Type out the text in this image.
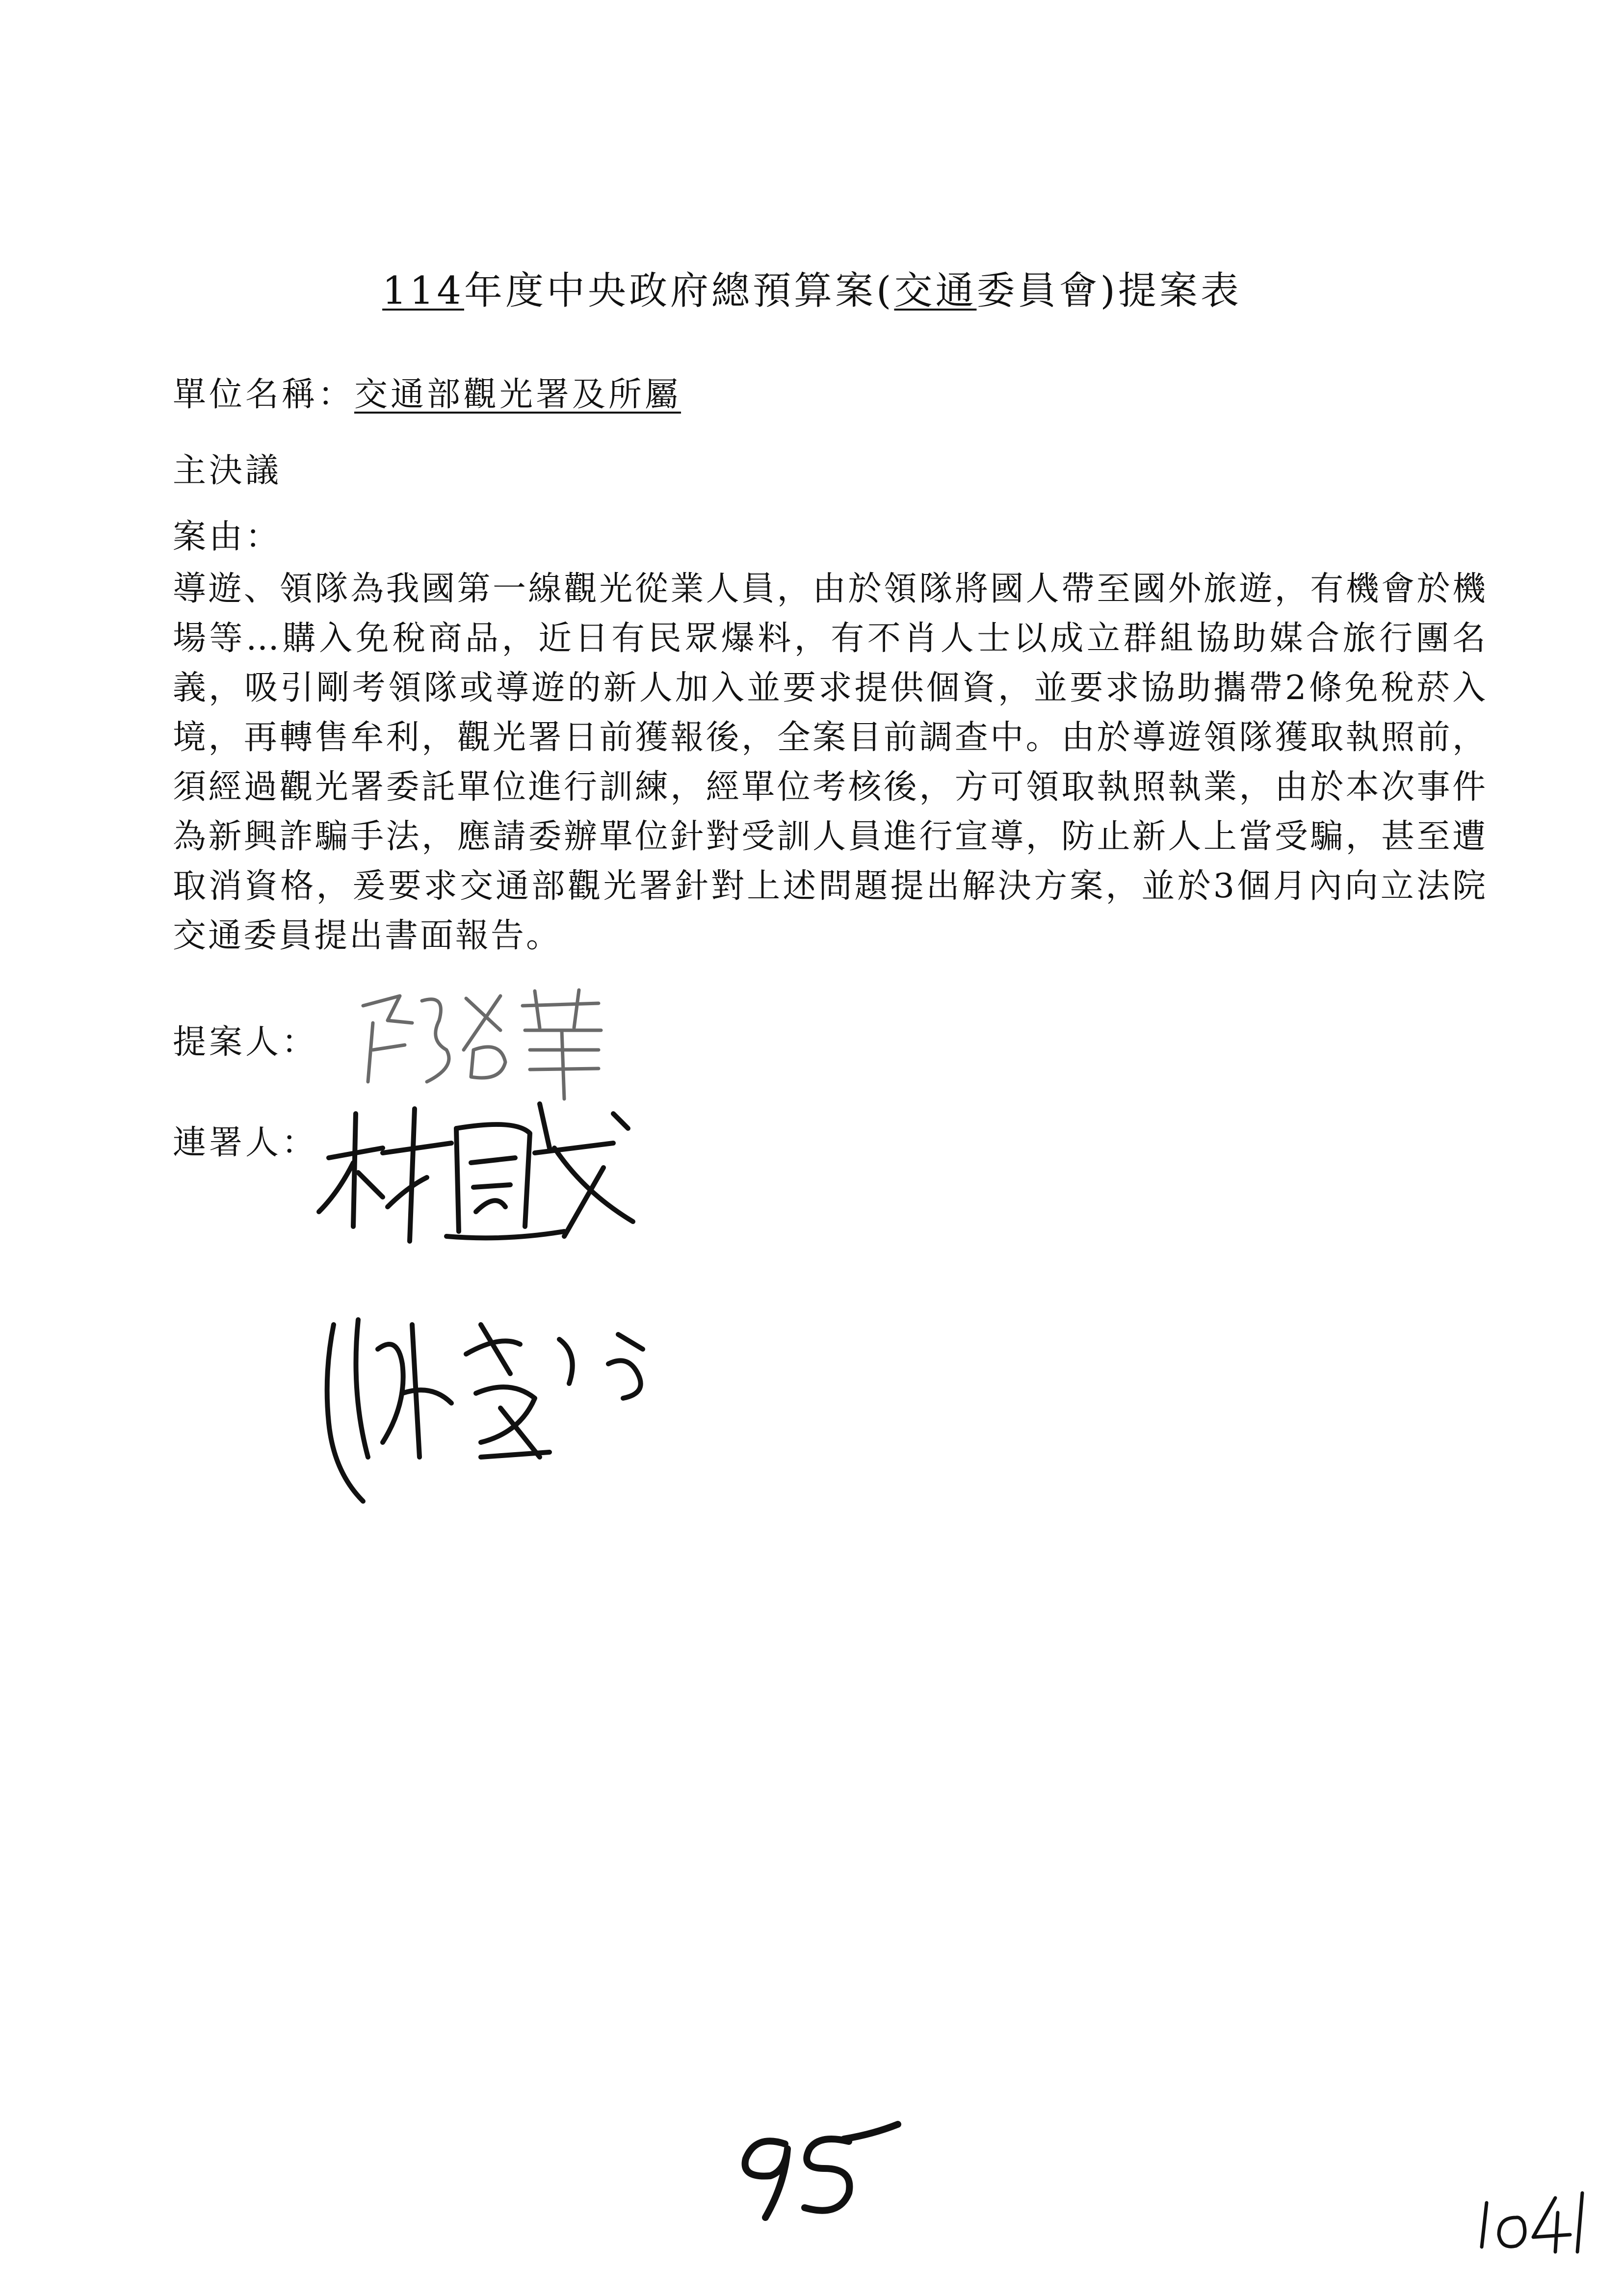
114年度中央政府總預算案(交通委員會)提案表
單位名稱：交通部觀光署及所屬
主決議
案由：

導遊、領隊為我國第一線觀光從業人員，由於領隊將國人帶至國外旅遊，有機會於機場等…購入免稅商品，近日有民眾爆料，有不肖人士以成立群組協助媒合旅行團名義，吸引剛考領隊或導遊的新人加入並要求提供個資，並要求協助攜帶2條免稅菸入境，再轉售牟利，觀光署日前獲報後，全案目前調查中。由於導遊領隊獲取執照前，須經過觀光署委託單位進行訓練，經單位考核後，方可領取執照執業，由於本次事件為新興詐騙手法，應請委辦單位針對受訓人員進行宣導，防止新人上當受騙，甚至遭取消資格，爰要求交通部觀光署針對上述問題提出解決方案，並於3個月內向立法院交通委員提出書面報告。

提案人：
連署人：
